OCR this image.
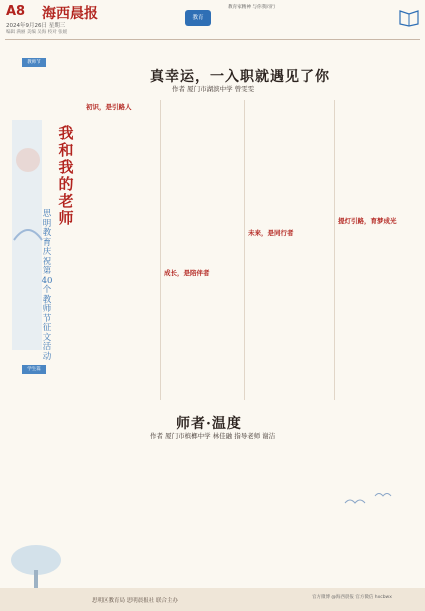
A8 海西晨报
2024年9月26日 星期三
编辑 满丽 美编 吴海 校对 张媛
教育
教育家精神 与你我同行
教师节
我和我的老师
思明教育庆祝第40个教师节征文活动
真幸运，一入职就遇见了你
作者 厦门市湖滨中学 曾雯雯

初识，是引路人

成长，是陪伴者

未来，是同行者

提灯引路，育梦成光

学生篇
师者·温度
作者 厦门市槟榔中学 林佳融 指导老师 谢洁
思明区教育局 思明晨报社 联合主办
官方微博 @海西晨报 官方微信 hxcbwx
